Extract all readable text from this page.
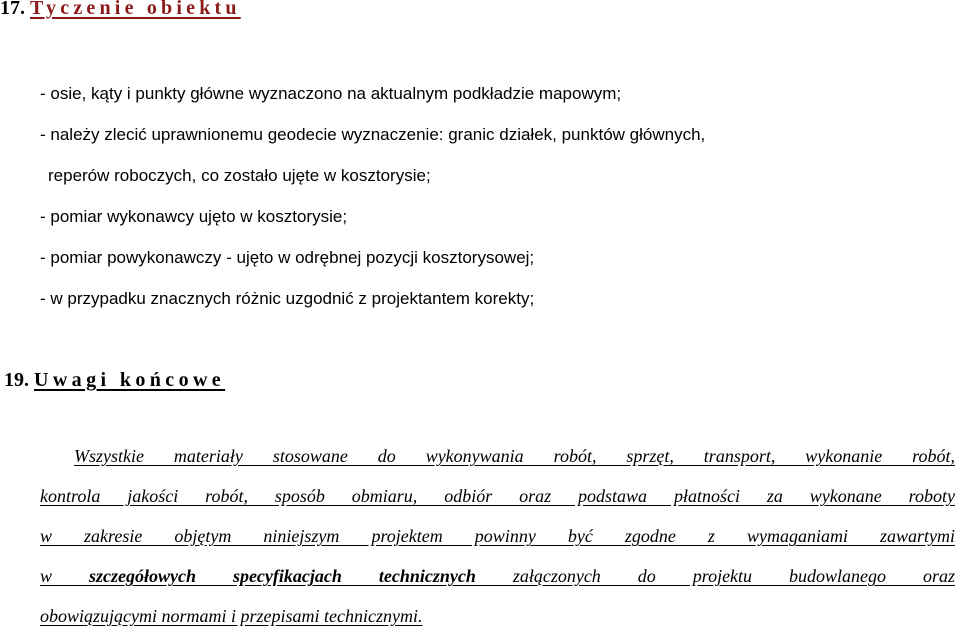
17. Tyczenie obiektu
- osie, kąty i punkty główne wyznaczono na aktualnym podkładzie mapowym;
- należy zlecić uprawnionemu geodecie wyznaczenie: granic działek, punktów głównych,
reperów roboczych, co zostało ujęte w kosztorysie;
- pomiar wykonawcy ujęto w kosztorysie;
- pomiar powykonawczy - ujęto w odrębnej pozycji kosztorysowej;
- w przypadku znacznych różnic uzgodnić z projektantem korekty;
19. Uwagi końcowe
Wszystkie materiały stosowane do wykonywania robót, sprzęt, transport, wykonanie robót,
kontrola jakości robót, sposób obmiaru, odbiór oraz podstawa płatności za wykonane roboty
w zakresie objętym niniejszym projektem powinny być zgodne z wymaganiami zawartymi
w szczegółowych specyfikacjach technicznych załączonych do projektu budowlanego oraz
obowiązującymi normami i przepisami technicznymi.
